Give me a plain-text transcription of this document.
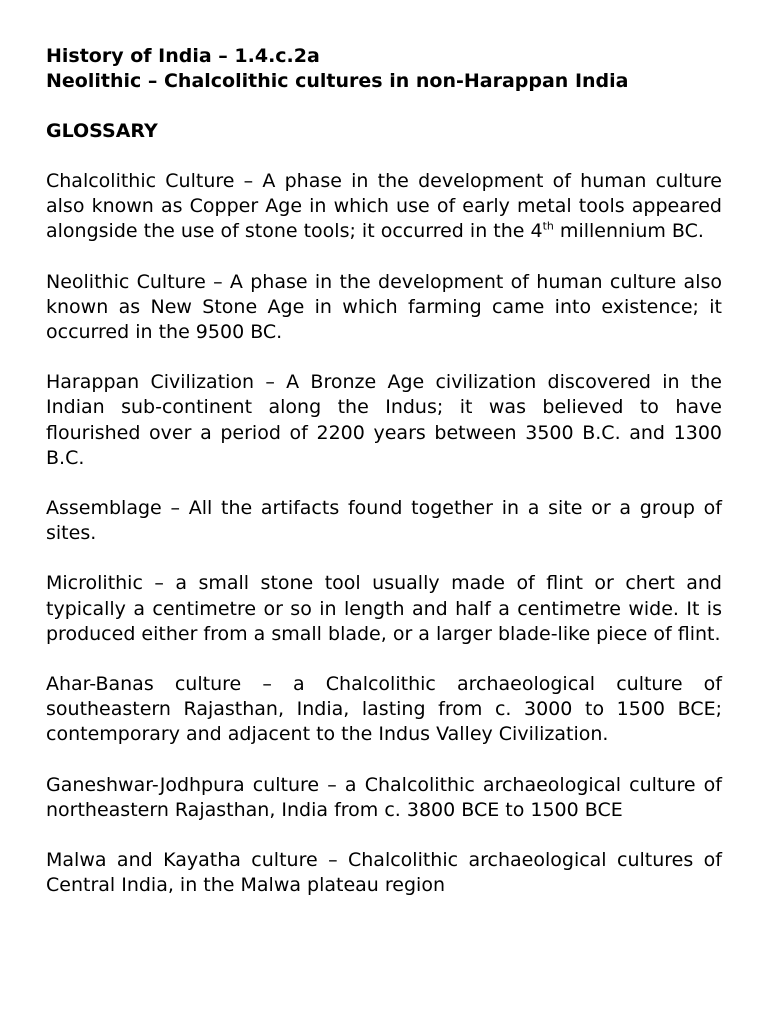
History of India – 1.4.c.2a

Neolithic – Chalcolithic cultures in non-Harappan India

GLOSSARY

Chalcolithic Culture – A phase in the development of human culture also known as Copper Age in which use of early metal tools appeared alongside the use of stone tools; it occurred in the 4th millennium BC.

Neolithic Culture – A phase in the development of human culture also known as New Stone Age in which farming came into existence; it occurred in the 9500 BC.

Harappan Civilization – A Bronze Age civilization discovered in the Indian sub-continent along the Indus; it was believed to have flourished over a period of 2200 years between 3500 B.C. and 1300 B.C.

Assemblage – All the artifacts found together in a site or a group of sites.

Microlithic – a small stone tool usually made of flint or chert and typically a centimetre or so in length and half a centimetre wide. It is produced either from a small blade, or a larger blade-like piece of flint.

Ahar-Banas culture – a Chalcolithic archaeological culture of southeastern Rajasthan, India, lasting from c. 3000 to 1500 BCE; contemporary and adjacent to the Indus Valley Civilization.

Ganeshwar-Jodhpura culture – a Chalcolithic archaeological culture of northeastern Rajasthan, India from c. 3800 BCE to 1500 BCE

Malwa and Kayatha culture – Chalcolithic archaeological cultures of Central India, in the Malwa plateau region
